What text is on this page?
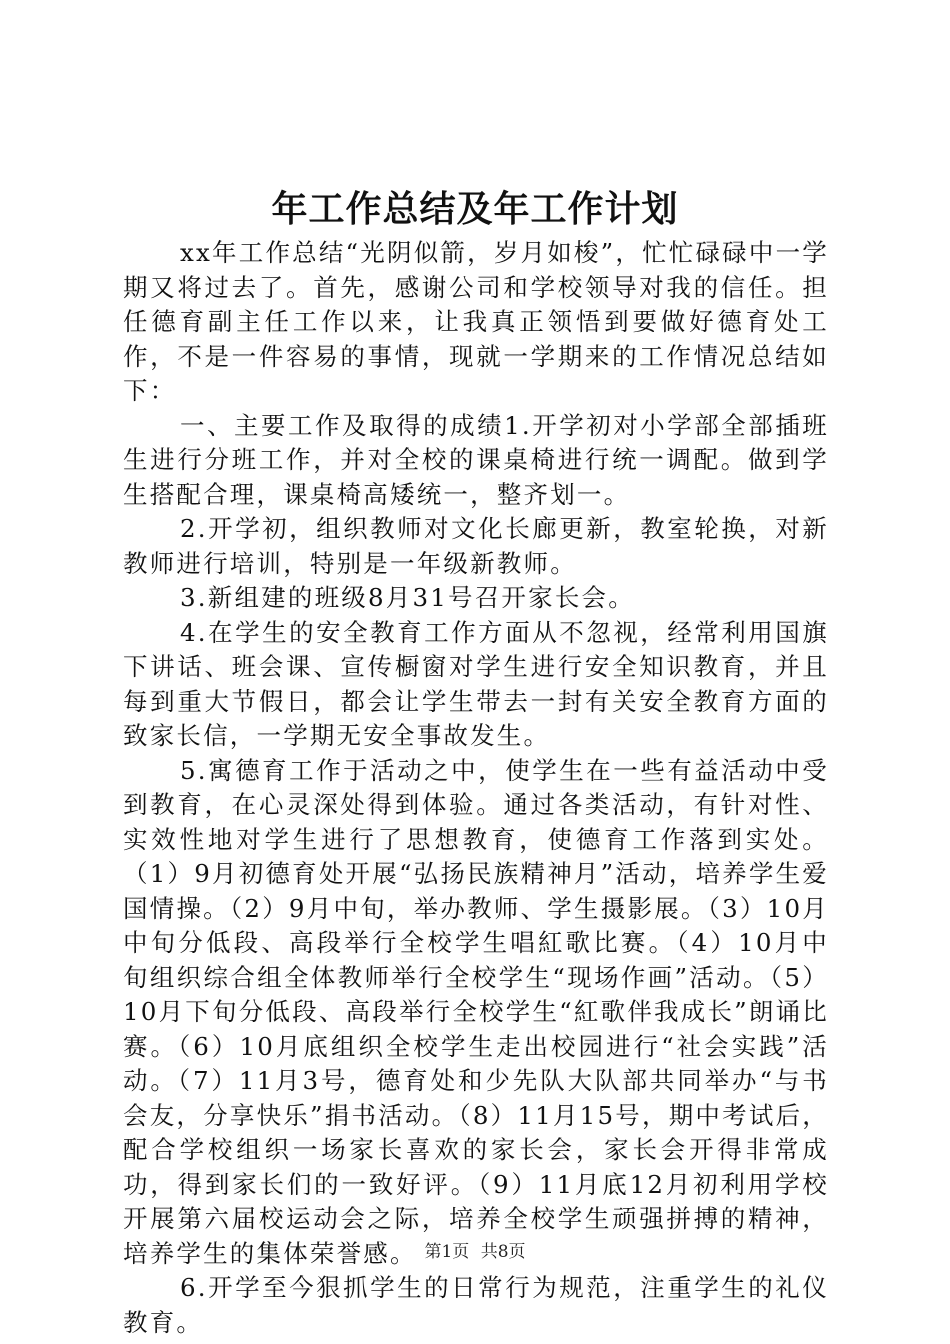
年工作总结及年工作计划

xx年工作总结“光阴似箭，岁月如梭”，忙忙碌碌中一学期又将过去了。首先，感谢公司和学校领导对我的信任。担任德育副主任工作以来，让我真正领悟到要做好德育处工作，不是一件容易的事情，现就一学期来的工作情况总结如下：

一、主要工作及取得的成绩1.开学初对小学部全部插班生进行分班工作，并对全校的课桌椅进行统一调配。做到学生搭配合理，课桌椅高矮统一，整齐划一。

2.开学初，组织教师对文化长廊更新，教室轮换，对新教师进行培训，特别是一年级新教师。

3.新组建的班级8月31号召开家长会。

4.在学生的安全教育工作方面从不忽视，经常利用国旗下讲话、班会课、宣传橱窗对学生进行安全知识教育，并且每到重大节假日，都会让学生带去一封有关安全教育方面的致家长信，一学期无安全事故发生。

5.寓德育工作于活动之中，使学生在一些有益活动中受到教育，在心灵深处得到体验。通过各类活动，有针对性、实效性地对学生进行了思想教育，使德育工作落到实处。（1）9月初德育处开展“弘扬民族精神月”活动，培养学生爱国情操。（2）9月中旬，举办教师、学生摄影展。（3）10月中旬分低段、高段举行全校学生唱紅歌比赛。（4）10月中旬组织综合组全体教师举行全校学生“现场作画”活动。（5）10月下旬分低段、高段举行全校学生“紅歌伴我成长”朗诵比赛。（6）10月底组织全校学生走出校园进行“社会实践”活动。（7）11月3号，德育处和少先队大队部共同举办“与书会友，分享快乐”捐书活动。（8）11月15号，期中考试后，配合学校组织一场家长喜欢的家长会，家长会开得非常成功，得到家长们的一致好评。（9）11月底12月初利用学校开展第六届校运动会之际，培养全校学生顽强拼搏的精神，培养学生的集体荣誉感。

6.开学至今狠抓学生的日常行为规范，注重学生的礼仪教育。

第1页 共8页
